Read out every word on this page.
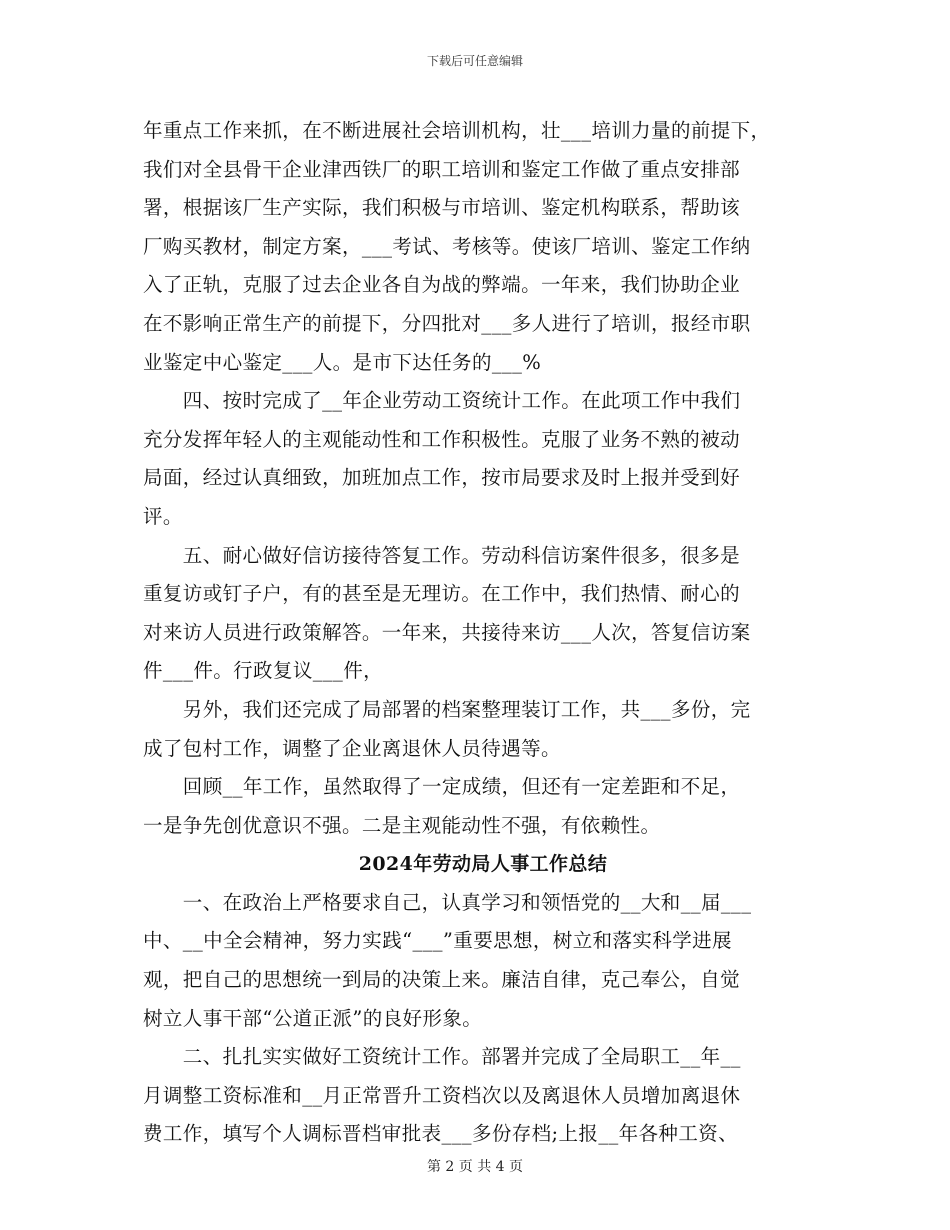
下载后可任意编辑
年重点工作来抓，在不断进展社会培训机构，壮___培训力量的前提下，
我们对全县骨干企业津西铁厂的职工培训和鉴定工作做了重点安排部
署，根据该厂生产实际，我们积极与市培训、鉴定机构联系，帮助该
厂购买教材，制定方案，___考试、考核等。使该厂培训、鉴定工作纳
入了正轨，克服了过去企业各自为战的弊端。一年来，我们协助企业
在不影响正常生产的前提下，分四批对___多人进行了培训，报经市职
业鉴定中心鉴定___人。是市下达任务的___%
　　四、按时完成了__年企业劳动工资统计工作。在此项工作中我们
充分发挥年轻人的主观能动性和工作积极性。克服了业务不熟的被动
局面，经过认真细致，加班加点工作，按市局要求及时上报并受到好
评。
　　五、耐心做好信访接待答复工作。劳动科信访案件很多，很多是
重复访或钉子户，有的甚至是无理访。在工作中，我们热情、耐心的
对来访人员进行政策解答。一年来，共接待来访___人次，答复信访案
件___件。行政复议___件，
　　另外，我们还完成了局部署的档案整理装订工作，共___多份，完
成了包村工作，调整了企业离退休人员待遇等。
　　回顾__年工作，虽然取得了一定成绩，但还有一定差距和不足，
一是争先创优意识不强。二是主观能动性不强，有依赖性。
2024年劳动局人事工作总结
　　一、在政治上严格要求自己，认真学习和领悟党的__大和__届___
中、__中全会精神，努力实践“___”重要思想，树立和落实科学进展
观，把自己的思想统一到局的决策上来。廉洁自律，克己奉公，自觉
树立人事干部“公道正派”的良好形象。
　　二、扎扎实实做好工资统计工作。部署并完成了全局职工__年__
月调整工资标准和__月正常晋升工资档次以及离退休人员增加离退休
费工作，填写个人调标晋档审批表___多份存档;上报__年各种工资、
第 2 页 共 4 页
